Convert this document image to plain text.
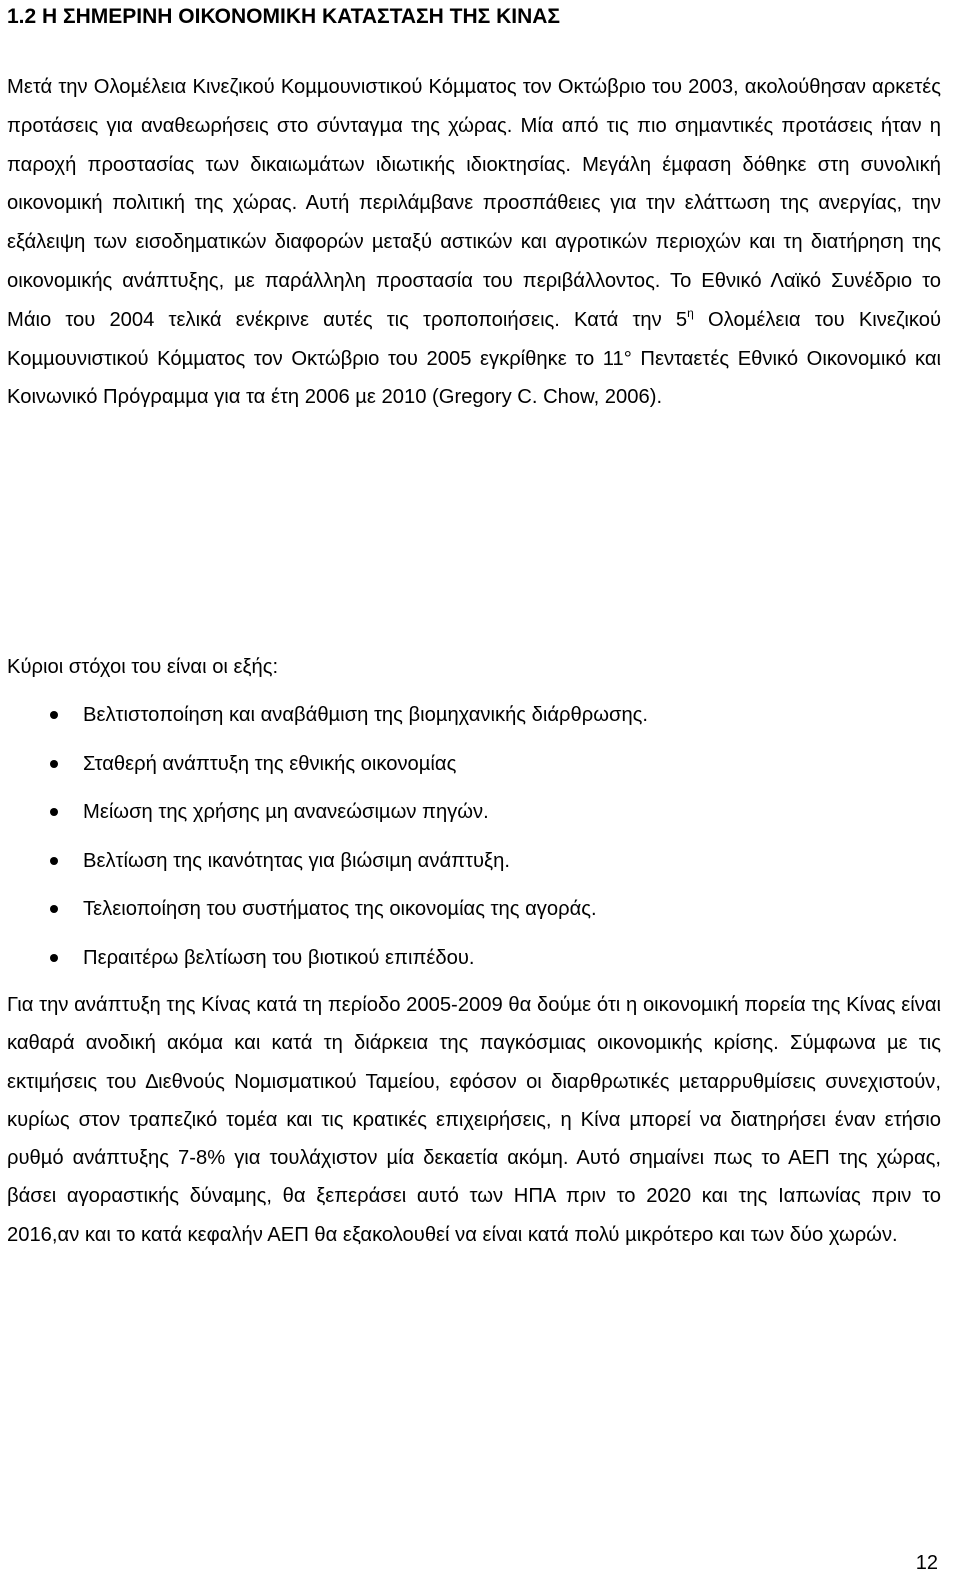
1.2 Η ΣΗΜΕΡΙΝΗ ΟΙΚΟΝΟΜΙΚΗ ΚΑΤΑΣΤΑΣΗ ΤΗΣ ΚΙΝΑΣ

Μετά την Ολοµέλεια Κινεζικού Κοµµουνιστικού Κόµµατος τον Οκτώβριο του 2003, ακολούθησαν αρκετές προτάσεις για αναθεωρήσεις στο σύνταγµα της χώρας. Μία από τις πιο σηµαντικές προτάσεις ήταν η παροχή προστασίας των δικαιωµάτων ιδιωτικής ιδιοκτησίας. Μεγάλη έµφαση δόθηκε στη συνολική οικονοµική πολιτική της χώρας. Αυτή περιλάµβανε προσπάθειες για την ελάττωση της ανεργίας, την εξάλειψη των εισοδηµατικών διαφορών µεταξύ αστικών και αγροτικών περιοχών και τη διατήρηση της οικονοµικής ανάπτυξης, µε παράλληλη προστασία του περιβάλλοντος. Το Εθνικό Λαϊκό Συνέδριο το Μάιο του 2004 τελικά ενέκρινε αυτές τις τροποποιήσεις. Κατά την $5^\eta$ Ολοµέλεια του Κινεζικού Κοµµουνιστικού Κόµµατος τον Οκτώβριο του 2005 εγκρίθηκε το 11° Πενταετές Εθνικό Οικονοµικό και Κοινωνικό Πρόγραµµα για τα έτη 2006 µε 2010 (Gregory C. Chow, 2006).

Κύριοι στόχοι του είναι οι εξής:

Βελτιστοποίηση και αναβάθµιση της βιοµηχανικής διάρθρωσης.
Σταθερή ανάπτυξη της εθνικής οικονοµίας
Μείωση της χρήσης µη ανανεώσιµων πηγών.
Βελτίωση της ικανότητας για βιώσιµη ανάπτυξη.
Τελειοποίηση του συστήµατος της οικονοµίας της αγοράς.
Περαιτέρω βελτίωση του βιοτικού επιπέδου.

Για την ανάπτυξη της Κίνας κατά τη περίοδο 2005-2009 θα δούµε ότι η οικονοµική πορεία της Κίνας είναι καθαρά ανοδική ακόµα και κατά τη διάρκεια της παγκόσµιας οικονοµικής κρίσης. Σύµφωνα µε τις εκτιµήσεις του ∆ιεθνούς Νοµισµατικού Ταµείου, εφόσον οι διαρθρωτικές µεταρρυθµίσεις συνεχιστούν, κυρίως στον τραπεζικό τοµέα και τις κρατικές επιχειρήσεις, η Κίνα µπορεί να διατηρήσει έναν ετήσιο ρυθµό ανάπτυξης 7-8% για τουλάχιστον µία δεκαετία ακόµη. Αυτό σηµαίνει πως το ΑΕΠ της χώρας, βάσει αγοραστικής δύναµης, θα ξεπεράσει αυτό των ΗΠΑ πριν το 2020 και της Ιαπωνίας πριν το 2016,αν και το κατά κεφαλήν ΑΕΠ θα εξακολουθεί να είναι κατά πολύ µικρότερο και των δύο χωρών.

12
